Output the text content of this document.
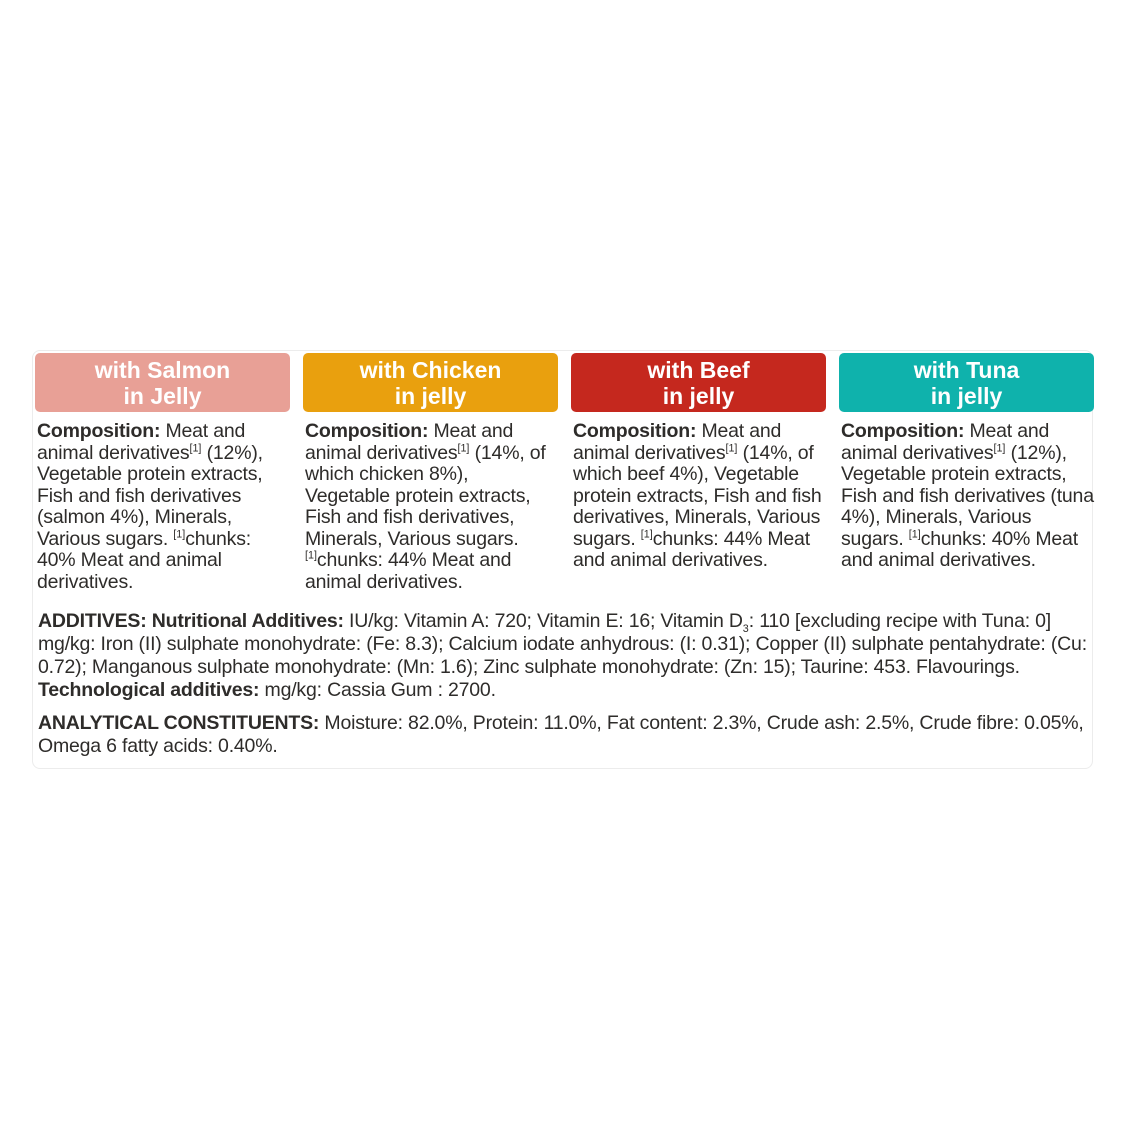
with Salmon
in Jelly

Composition: Meat and animal derivatives[1] (12%), Vegetable protein extracts, Fish and fish derivatives (salmon 4%), Minerals, Various sugars. [1]chunks: 40% Meat and animal derivatives.

with Chicken
in jelly

Composition: Meat and animal derivatives[1] (14%, of which chicken 8%), Vegetable protein extracts, Fish and fish derivatives, Minerals, Various sugars. [1]chunks: 44% Meat and animal derivatives.

with Beef
in jelly

Composition: Meat and animal derivatives[1] (14%, of which beef 4%), Vegetable protein extracts, Fish and fish derivatives, Minerals, Various sugars. [1]chunks: 44% Meat and animal derivatives.

with Tuna
in jelly

Composition: Meat and animal derivatives[1] (12%), Vegetable protein extracts, Fish and fish derivatives (tuna 4%), Minerals, Various sugars. [1]chunks: 40% Meat and animal derivatives.

ADDITIVES: Nutritional Additives: IU/kg: Vitamin A: 720; Vitamin E: 16; Vitamin $D_3$: 110 [excluding recipe with Tuna: 0] mg/kg: Iron (II) sulphate monohydrate: (Fe: 8.3); Calcium iodate anhydrous: (I: 0.31); Copper (II) sulphate pentahydrate: (Cu: 0.72); Manganous sulphate monohydrate: (Mn: 1.6); Zinc sulphate monohydrate: (Zn: 15); Taurine: 453. Flavourings. Technological additives: mg/kg: Cassia Gum : 2700.

ANALYTICAL CONSTITUENTS: Moisture: 82.0%, Protein: 11.0%, Fat content: 2.3%, Crude ash: 2.5%, Crude fibre: 0.05%, Omega 6 fatty acids: 0.40%.
